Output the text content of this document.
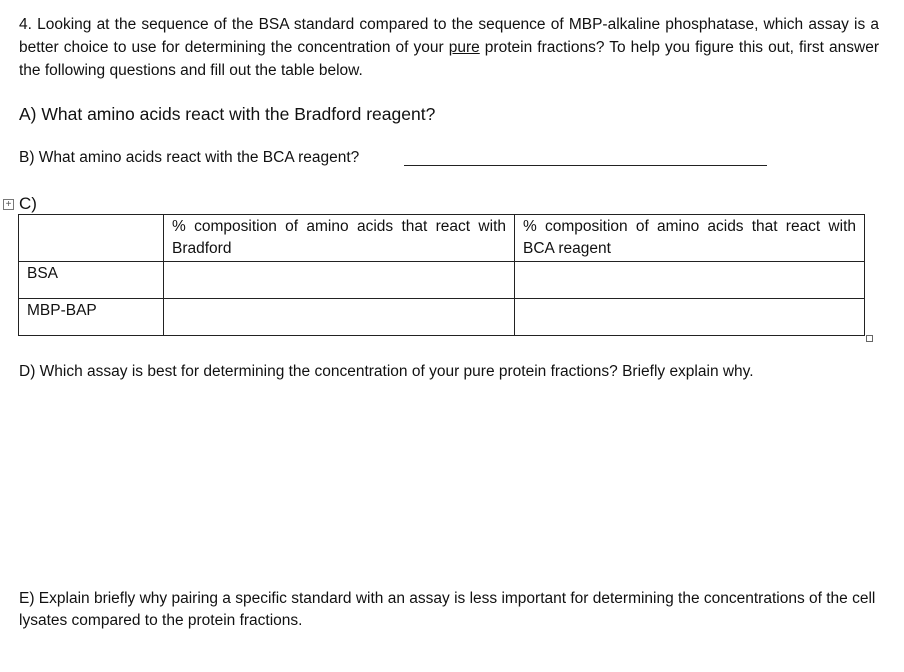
4. Looking at the sequence of the BSA standard compared to the sequence of MBP-alkaline phosphatase, which assay is a better choice to use for determining the concentration of your pure protein fractions? To help you figure this out, first answer the following questions and fill out the table below.
A) What amino acids react with the Bradford reagent?
B) What amino acids react with the BCA reagent?
+ C)
	% composition of amino acids that react with Bradford	% composition of amino acids that react with BCA reagent
BSA		
MBP-BAP		
D) Which assay is best for determining the concentration of your pure protein fractions? Briefly explain why.
E) Explain briefly why pairing a specific standard with an assay is less important for determining the concentrations of the cell lysates compared to the protein fractions.
